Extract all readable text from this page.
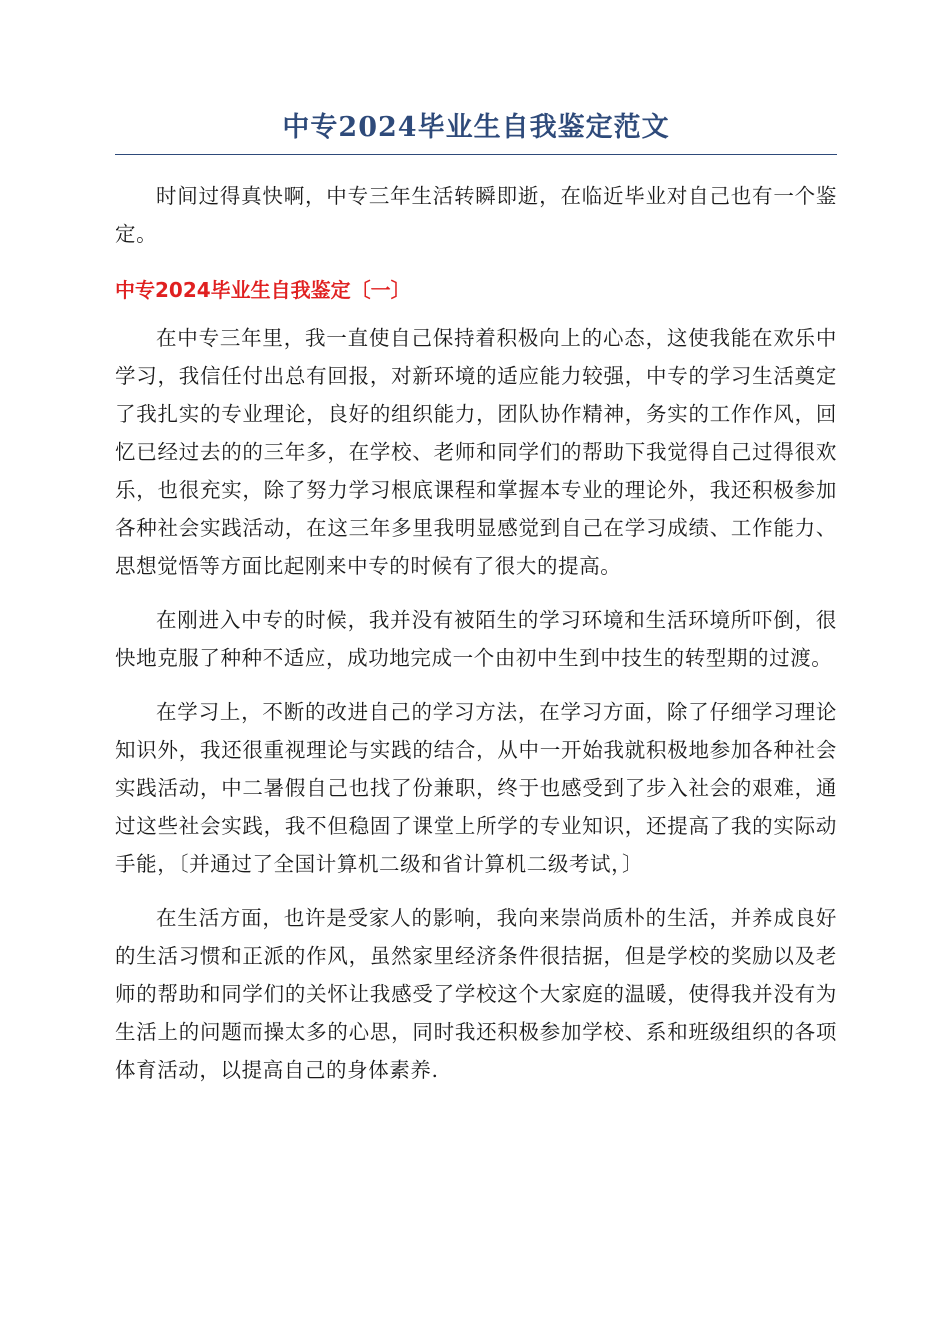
中专2024毕业生自我鉴定范文

时间过得真快啊，中专三年生活转瞬即逝，在临近毕业对自己也有一个鉴定。

中专2024毕业生自我鉴定〔一〕

在中专三年里，我一直使自己保持着积极向上的心态，这使我能在欢乐中学习，我信任付出总有回报，对新环境的适应能力较强，中专的学习生活奠定了我扎实的专业理论，良好的组织能力，团队协作精神，务实的工作作风，回忆已经过去的的三年多，在学校、老师和同学们的帮助下我觉得自己过得很欢乐，也很充实，除了努力学习根底课程和掌握本专业的理论外，我还积极参加各种社会实践活动，在这三年多里我明显感觉到自己在学习成绩、工作能力、思想觉悟等方面比起刚来中专的时候有了很大的提高。

在刚进入中专的时候，我并没有被陌生的学习环境和生活环境所吓倒，很快地克服了种种不适应，成功地完成一个由初中生到中技生的转型期的过渡。

在学习上，不断的改进自己的学习方法，在学习方面，除了仔细学习理论知识外，我还很重视理论与实践的结合，从中一开始我就积极地参加各种社会实践活动，中二暑假自己也找了份兼职，终于也感受到了步入社会的艰难，通过这些社会实践，我不但稳固了课堂上所学的专业知识，还提高了我的实际动手能，〔并通过了全国计算机二级和省计算机二级考试，〕

在生活方面，也许是受家人的影响，我向来崇尚质朴的生活，并养成良好的生活习惯和正派的作风，虽然家里经济条件很拮据，但是学校的奖励以及老师的帮助和同学们的关怀让我感受了学校这个大家庭的温暖，使得我并没有为生活上的问题而操太多的心思，同时我还积极参加学校、系和班级组织的各项体育活动，以提高自己的身体素养.
